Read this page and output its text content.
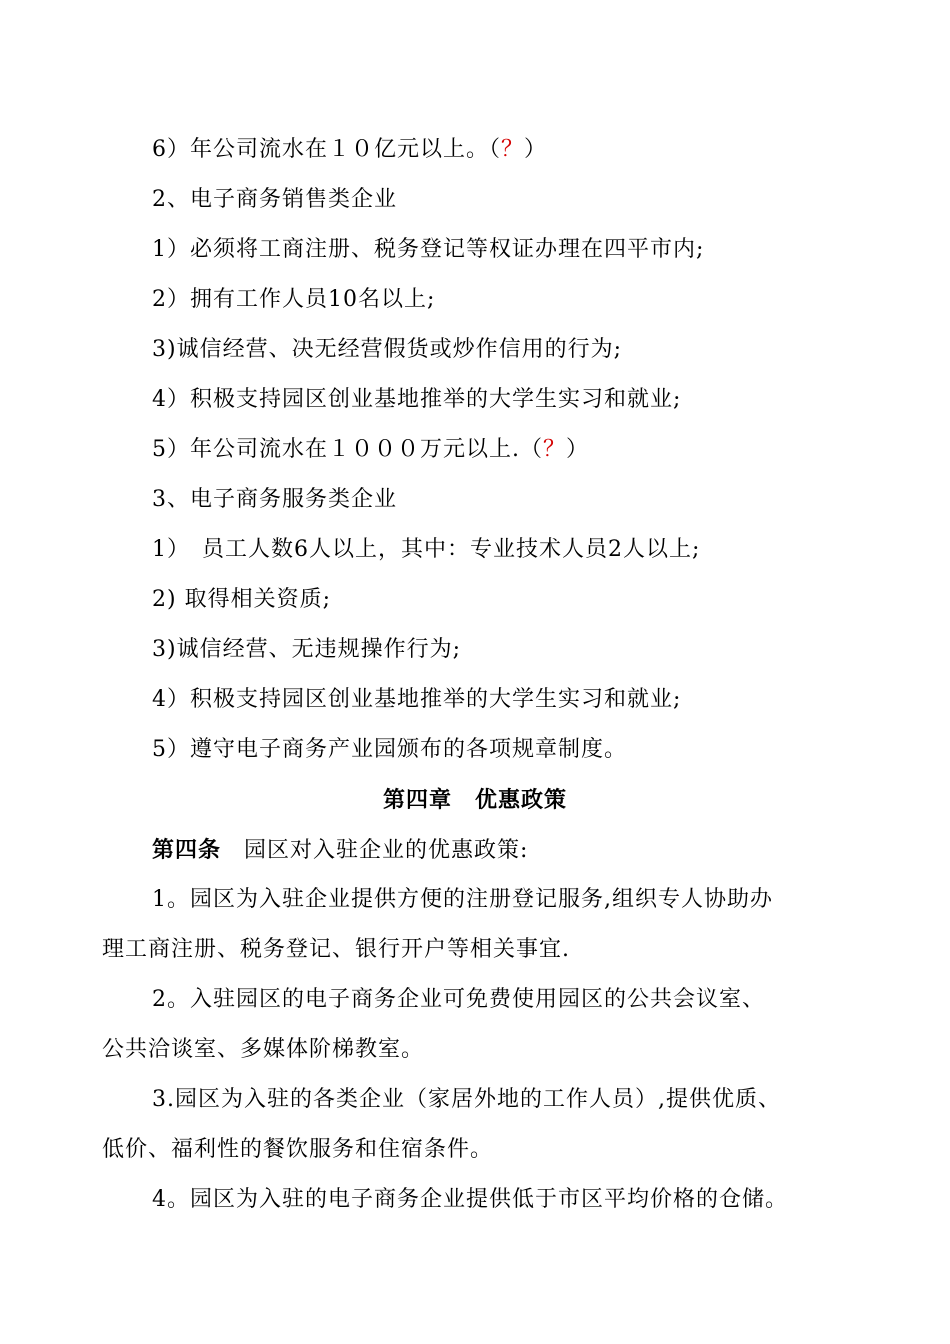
6）年公司流水在１０亿元以上。（？）
2、电子商务销售类企业
1）必须将工商注册、税务登记等权证办理在四平市内;
2）拥有工作人员10名以上;
3)诚信经营、决无经营假货或炒作信用的行为;
4）积极支持园区创业基地推举的大学生实习和就业;
5）年公司流水在１０００万元以上.（？）
3、电子商务服务类企业
1）　员工人数6人以上，其中：专业技术人员2人以上;
2) 取得相关资质;
3)诚信经营、无违规操作行为;
4）积极支持园区创业基地推举的大学生实习和就业;
5）遵守电子商务产业园颁布的各项规章制度。
第四章　优惠政策
第四条　 园区对入驻企业的优惠政策:
1。园区为入驻企业提供方便的注册登记服务,组织专人协助办
理工商注册、税务登记、银行开户等相关事宜.
2。入驻园区的电子商务企业可免费使用园区的公共会议室、
公共洽谈室、多媒体阶梯教室。
3.园区为入驻的各类企业（家居外地的工作人员）,提供优质、
低价、福利性的餐饮服务和住宿条件。
4。园区为入驻的电子商务企业提供低于市区平均价格的仓储。
